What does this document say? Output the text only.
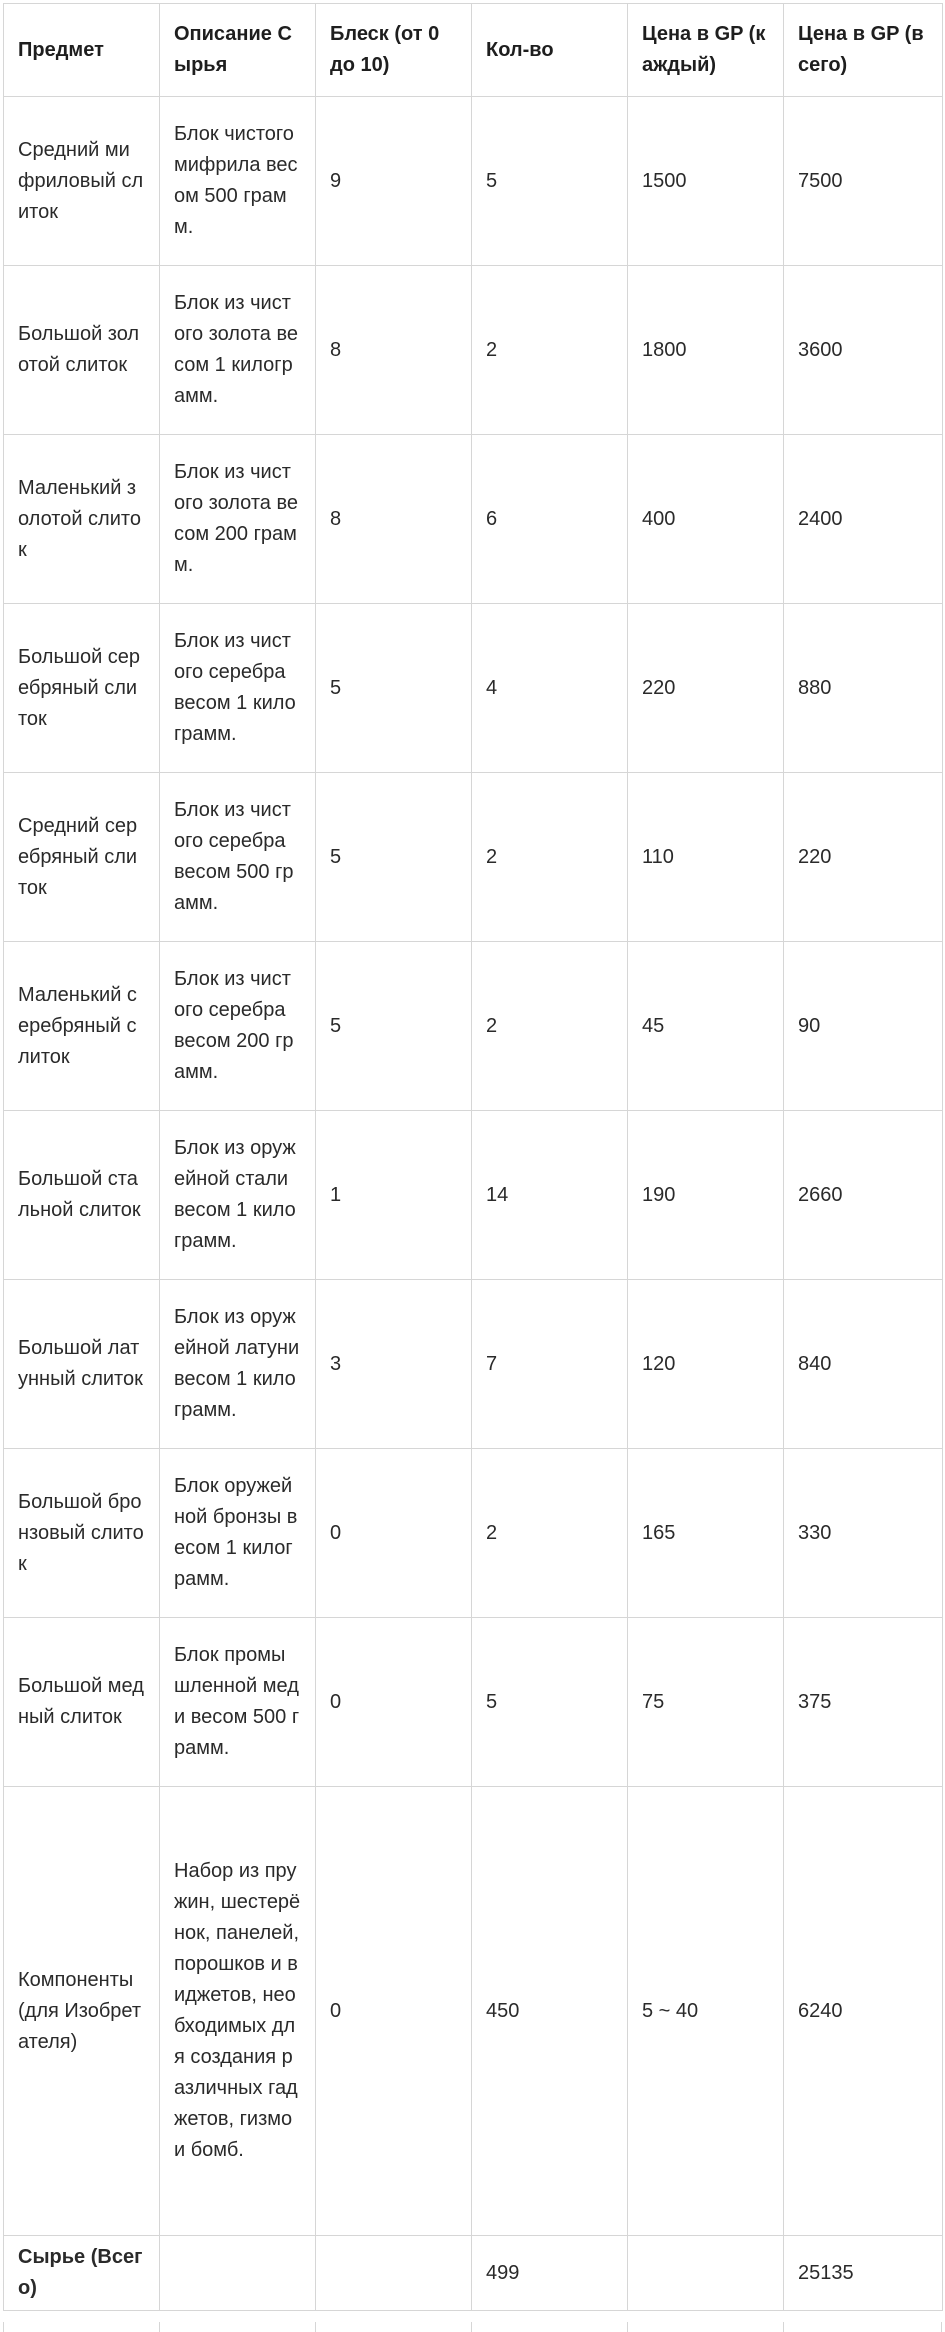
Предмет	Описание Сырья	Блеск (от 0 до 10)	Кол-во	Цена в GP (каждый)	Цена в GP (всего)
Средний мифриловый слиток	Блок чистого мифрила весом 500 грамм.	9	5	1500	7500
Большой золотой слиток	Блок из чистого золота весом 1 килограмм.	8	2	1800	3600
Маленький золотой слиток	Блок из чистого золота весом 200 грамм.	8	6	400	2400
Большой серебряный слиток	Блок из чистого серебра весом 1 килограмм.	5	4	220	880
Средний серебряный слиток	Блок из чистого серебра весом 500 грамм.	5	2	110	220
Маленький серебряный слиток	Блок из чистого серебра весом 200 грамм.	5	2	45	90
Большой стальной слиток	Блок из оружейной стали весом 1 килограмм.	1	14	190	2660
Большой латунный слиток	Блок из оружейной латуни весом 1 килограмм.	3	7	120	840
Большой бронзовый слиток	Блок оружейной бронзы весом 1 килограмм.	0	2	165	330
Большой медный слиток	Блок промышленной меди весом 500 грамм.	0	5	75	375
Компоненты (для Изобретателя)	Набор из пружин, шестерёнок, панелей, порошков и виджетов, необходимых для создания различных гаджетов, гизмо и бомб.	0	450	5 ~ 40	6240
Сырье (Всего)			499		25135
